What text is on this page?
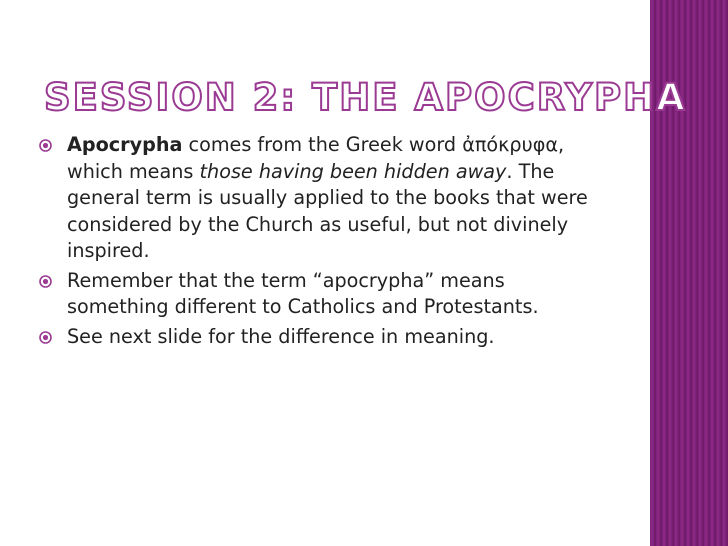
SESSION 2: THE APOCRYPHA
Apocrypha comes from the Greek word ἀπόκρυφα, which means those having been hidden away. The general term is usually applied to the books that were considered by the Church as useful, but not divinely inspired.
Remember that the term “apocrypha” means something different to Catholics and Protestants.
See next slide for the difference in meaning.
